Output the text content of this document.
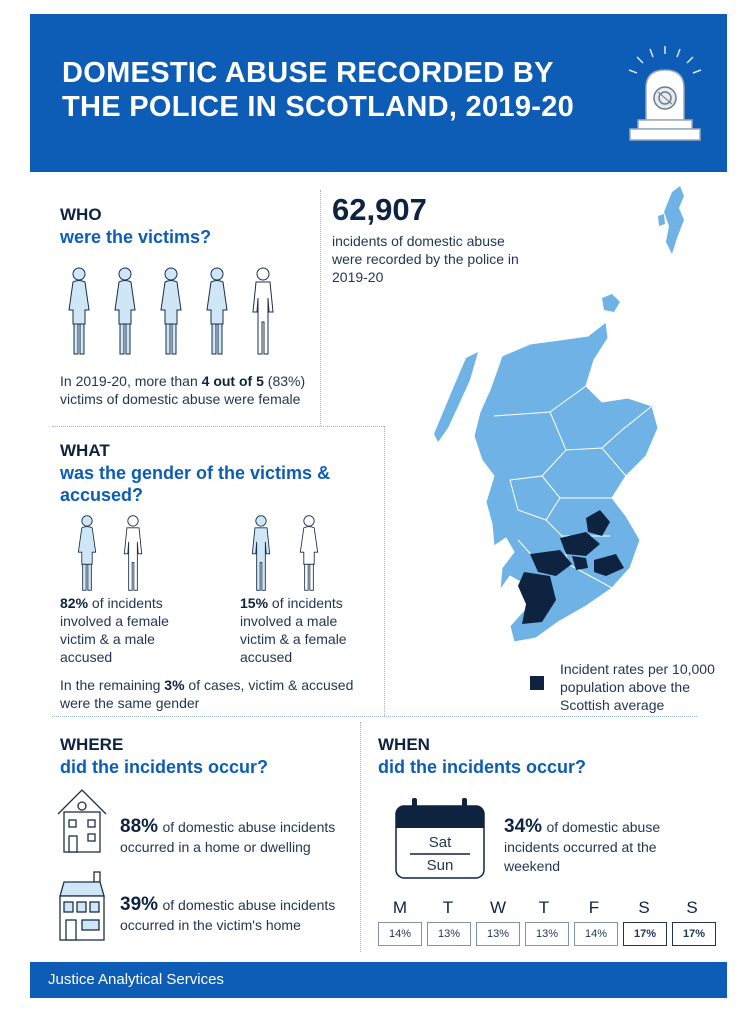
DOMESTIC ABUSE RECORDED BY THE POLICE IN SCOTLAND, 2019-20
WHO
were the victims?
In 2019-20, more than 4 out of 5 (83%) victims of domestic abuse were female
62,907
incidents of domestic abuse were recorded by the police in 2019-20
Incident rates per 10,000 population above the Scottish average
WHAT
was the gender of the victims & accused?
82% of incidents involved a female victim & a male accused
15% of incidents involved a male victim & a female accused
In the remaining 3% of cases, victim & accused were the same gender
WHERE
did the incidents occur?
88% of domestic abuse incidents occurred in a home or dwelling
39% of domestic abuse incidents occurred in the victim's home
WHEN
did the incidents occur?
Sat
Sun
34% of domestic abuse incidents occurred at the weekend
M	T	W	T	F	S	S
14%	13%	13%	13%	14%	17%	17%
Justice Analytical Services
